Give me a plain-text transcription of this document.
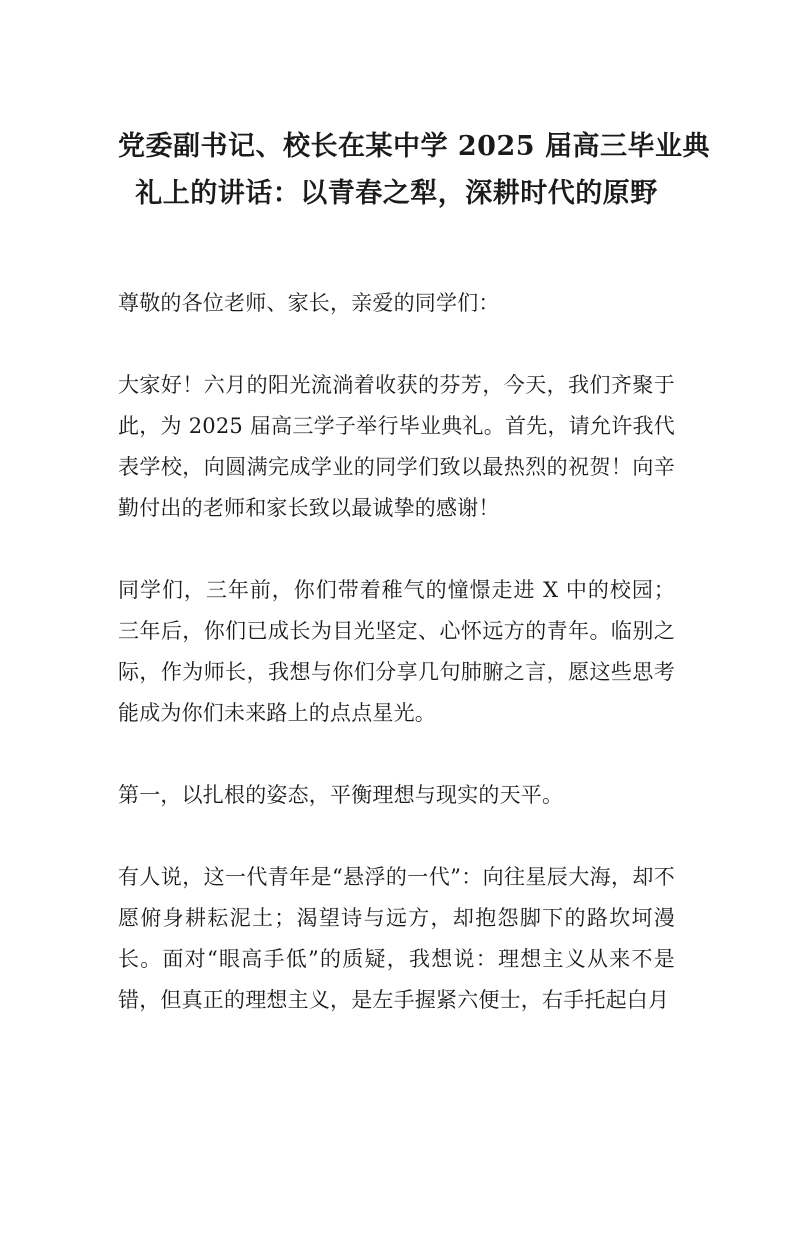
党委副书记、校长在某中学 2025 届高三毕业典
礼上的讲话：以青春之犁，深耕时代的原野

尊敬的各位老师、家长，亲爱的同学们：

大家好！六月的阳光流淌着收获的芬芳，今天，我们齐聚于此，为 2025 届高三学子举行毕业典礼。首先，请允许我代表学校，向圆满完成学业的同学们致以最热烈的祝贺！向辛勤付出的老师和家长致以最诚挚的感谢！

同学们，三年前，你们带着稚气的憧憬走进 X 中的校园；三年后，你们已成长为目光坚定、心怀远方的青年。临别之际，作为师长，我想与你们分享几句肺腑之言，愿这些思考能成为你们未来路上的点点星光。

第一，以扎根的姿态，平衡理想与现实的天平。

有人说，这一代青年是“悬浮的一代”：向往星辰大海，却不愿俯身耕耘泥土；渴望诗与远方，却抱怨脚下的路坎坷漫长。面对“眼高手低”的质疑，我想说：理想主义从来不是错，但真正的理想主义，是左手握紧六便士，右手托起白月
